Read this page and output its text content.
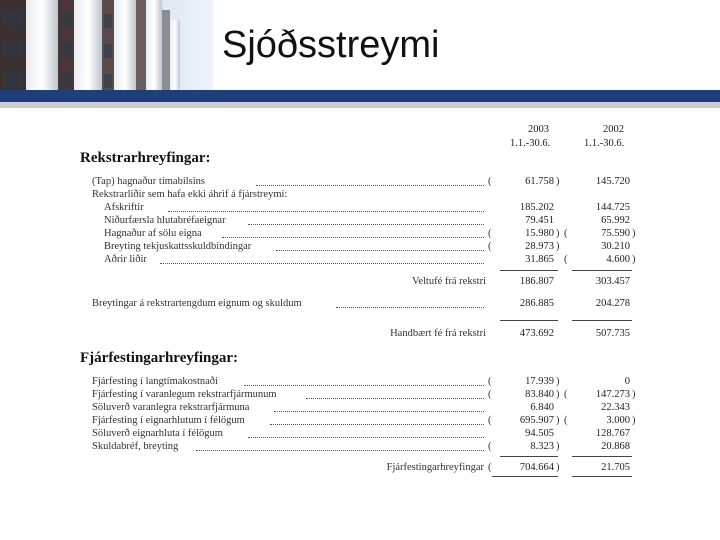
Sjóðsstreymi
2003
1.1.-30.6.
2002
1.1.-30.6.
Rekstrarhreyfingar:
(Tap) hagnaður tímabilsins	(	61.758 )	145.720
Rekstrarliðir sem hafa ekki áhrif á fjárstreymi:
Afskriftir	185.202	144.725
Niðurfærsla hlutabréfaeignar	79.451	65.992
Hagnaður af sölu eigna	(	15.980 ) (	75.590 )
Breyting tekjuskattsskuldbindingar	(	28.973 )	30.210
Aðrir liðir	31.865 (	4.600 )
Veltufé frá rekstri	186.807	303.457
Breytingar á rekstrartengdum eignum og skuldum	286.885	204.278
Handbært fé frá rekstri	473.692	507.735
Fjárfestingarhreyfingar:
Fjárfesting í langtímakostnaði	(	17.939 )	0
Fjárfesting í varanlegum rekstrarfjármunum	(	83.840 ) (	147.273 )
Söluverð varanlegra rekstrarfjármuna	6.840	22.343
Fjárfesting í eignarhlutum í félögum	(	695.907 ) (	3.000 )
Söluverð eignarhluta í félögum	94.505	128.767
Skuldabréf, breyting	(	8.323 )	20.868
Fjárfestingarhreyfingar (	704.664 )	21.705
